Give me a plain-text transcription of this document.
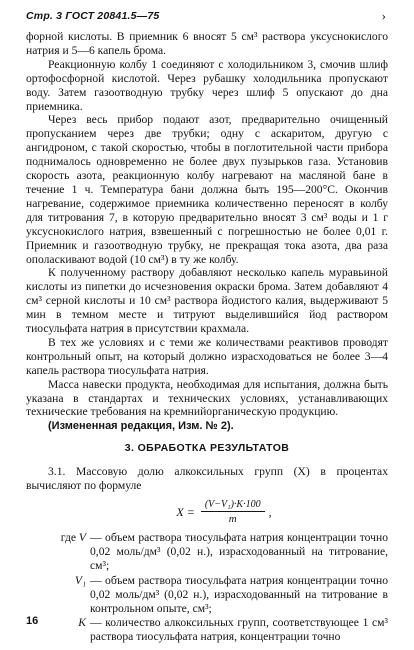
Стр. 3 ГОСТ 20841.5—75	›

форной кислоты. В приемник 6 вносят 5 см³ раствора уксуснокислого натрия и 5—6 капель брома.

Реакционную колбу 1 соединяют с холодильником 3, смочив шлиф ортофосфорной кислотой. Через рубашку холодильника пропускают воду. Затем газоотводную трубку через шлиф 5 опускают до дна приемника.

Через весь прибор подают азот, предварительно очищенный пропусканием через две трубки; одну с аскаритом, другую с ангидроном, с такой скоростью, чтобы в поглотительной части прибора поднималось одновременно не более двух пузырьков газа. Установив скорость азота, реакционную колбу нагревают на масляной бане в течение 1 ч. Температура бани должна быть 195—200°С. Окончив нагревание, содержимое приемника количественно переносят в колбу для титрования 7, в которую предварительно вносят 3 см³ воды и 1 г уксуснокислого натрия, взвешенный с погрешностью не более 0,01 г. Приемник и газоотводную трубку, не прекращая тока азота, два раза ополаскивают водой (10 см³) в ту же колбу.

К полученному раствору добавляют несколько капель муравьиной кислоты из пипетки до исчезновения окраски брома. Затем добавляют 4 см³ серной кислоты и 10 см³ раствора йодистого калия, выдерживают 5 мин в темном месте и титруют выделившийся йод раствором тиосульфата натрия в присутствии крахмала.

В тех же условиях и с теми же количествами реактивов проводят контрольный опыт, на который должно израсходоваться не более 3—4 капель раствора тиосульфата натрия.

Масса навески продукта, необходимая для испытания, должна быть указана в стандартах и технических условиях, устанавливающих технические требования на кремнийорганическую продукцию.

(Измененная редакция, Изм. № 2).

3. ОБРАБОТКА РЕЗУЛЬТАТОВ

3.1. Массовую долю алкоксильных групп (X) в процентах вычисляют по формуле

$X = \frac{\text{(V−V₁)·K·100}}{m}$ ,
где V — объем раствора тиосульфата натрия концентрации точно 0,02 моль/дм³ (0,02 н.), израсходованный на титрование, см³;
V₁ — объем раствора тиосульфата натрия концентрации точно 0,02 моль/дм³ (0,02 н.), израсходованный на титрование в контрольном опыте, см³;
K — количество алкоксильных групп, соответствующее 1 см³ раствора тиосульфата натрия, концентрации точно
16
